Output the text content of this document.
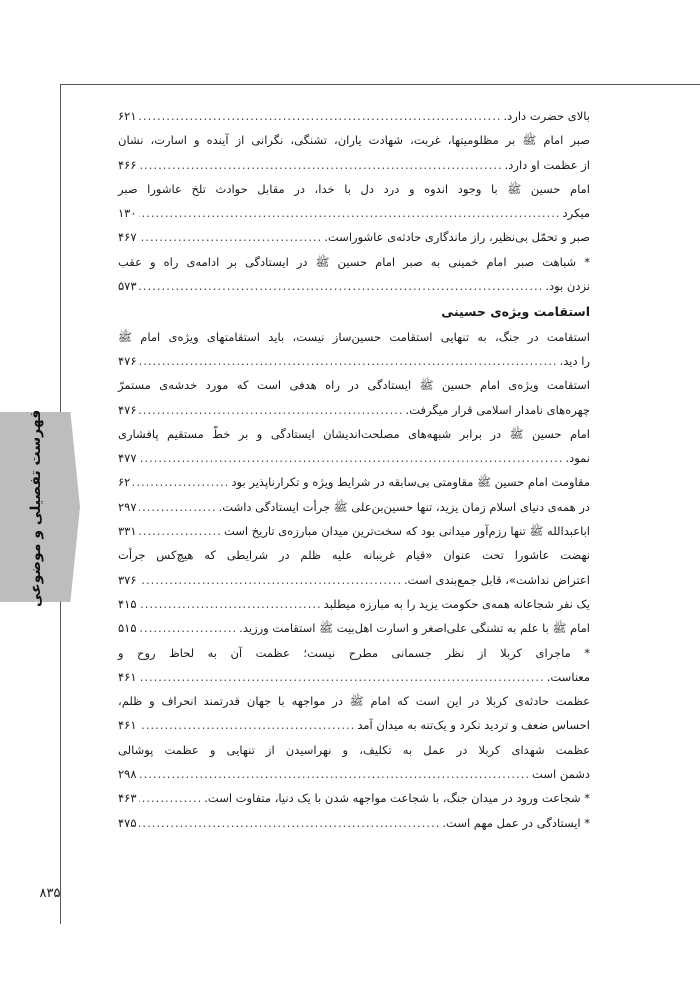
فهرست تفصیلی و موضوعی
۸۳۵
بالای حضرت دارد.
.....
۶۲۱
صبر امام ﷺ بر مظلومیتها، غربت، شهادت یاران، تشنگی، نگرانی از آینده و اسارت، نشان
از عظمت او دارد.
.....
۴۶۶
امام حسین ﷺ با وجود اندوه و درد دل با خدا، در مقابل حوادث تلخ عاشورا صبر
میکرد
.....
۱۳۰
صبر و تحمّل بی‌نظیر، راز ماندگاری حادثه‌ی عاشوراست.
.....
۴۶۷
* شباهت صبر امام خمینی به صبر امام حسین ﷺ در ایستادگی بر ادامه‌ی راه و عقب
نزدن بود.
.....
۵۷۳
استقامت ویژه‌ی حسینی
استقامت در جنگ، به تنهایی استقامت حسین‌ساز نیست، باید استقامتهای ویژه‌ی امام ﷺ
را دید.
.....
۴۷۶
استقامت ویژه‌ی امام حسین ﷺ ایستادگی در راه هدفی است که مورد خدشه‌ی مستمرّ
چهره‌های نامدار اسلامی قرار میگرفت.
.....
۴۷۶
امام حسین ﷺ در برابر شبهه‌های مصلحت‌اندیشان ایستادگی و بر خطّ مستقیم پافشاری
نمود.
.....
۴۷۷
مقاومت امام حسین ﷺ مقاومتی بی‌سابقه در شرایط ویژه و تکرارناپذیر بود
.....
۶۲
در همه‌ی دنیای اسلام زمان یزید، تنها حسین‌بن‌علی ﷺ جرأت ایستادگی داشت.
.....
۲۹۷
اباعبدالله ﷺ تنها رزم‌آور میدانی بود که سخت‌ترین میدان مبارزه‌ی تاریخ است
.....
۳۳۱
نهضت عاشورا تحت عنوان «قیام غریبانه علیه ظلم در شرایطی که هیچ‌کس جرأت
اعتراض نداشت»، قابل جمع‌بندی است.
.....
۳۷۶
یک نفر شجاعانه همه‌ی حکومت یزید را به مبارزه میطلبد
.....
۴۱۵
امام ﷺ با علم به تشنگی علی‌اصغر و اسارت اهل‌بیت ﷺ استقامت ورزید.
.....
۵۱۵
* ماجرای کربلا از نظر جسمانی مطرح نیست؛ عظمت آن به لحاظ روح و
معناست.
.....
۴۶۱
عظمت حادثه‌ی کربلا در این است که امام ﷺ در مواجهه با جهان قدرتمند انحراف و ظلم،
احساس ضعف و تردید نکرد و یک‌تنه به میدان آمد
.....
۴۶۱
عظمت شهدای کربلا در عمل به تکلیف، و نهراسیدن از تنهایی و عظمت پوشالی
دشمن است
.....
۲۹۸
* شجاعت ورود در میدان جنگ، با شجاعت مواجهه شدن با یک دنیا، متفاوت است.
.....
۴۶۳
* ایستادگی در عمل مهم است.
.....
۴۷۵
